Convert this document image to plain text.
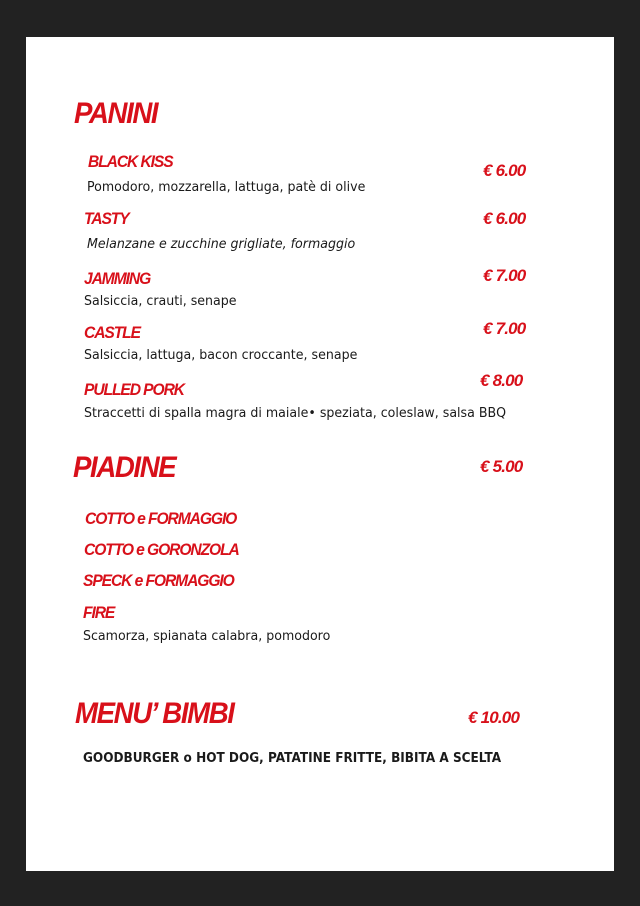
PANINI
BLACK KISS	€ 6.00
Pomodoro, mozzarella, lattuga, patè di olive
TASTY	€ 6.00
Melanzane e zucchine grigliate, formaggio
JAMMING	€ 7.00
Salsiccia, crauti, senape
CASTLE	€ 7.00
Salsiccia, lattuga, bacon croccante, senape
PULLED PORK	€ 8.00
Straccetti di spalla magra di maiale• speziata, coleslaw, salsa BBQ
PIADINE	€ 5.00
COTTO e FORMAGGIO
COTTO e GORONZOLA
SPECK e FORMAGGIO
FIRE
Scamorza, spianata calabra, pomodoro
MENU’ BIMBI	€ 10.00
GOODBURGER o HOT DOG, PATATINE FRITTE, BIBITA A SCELTA
